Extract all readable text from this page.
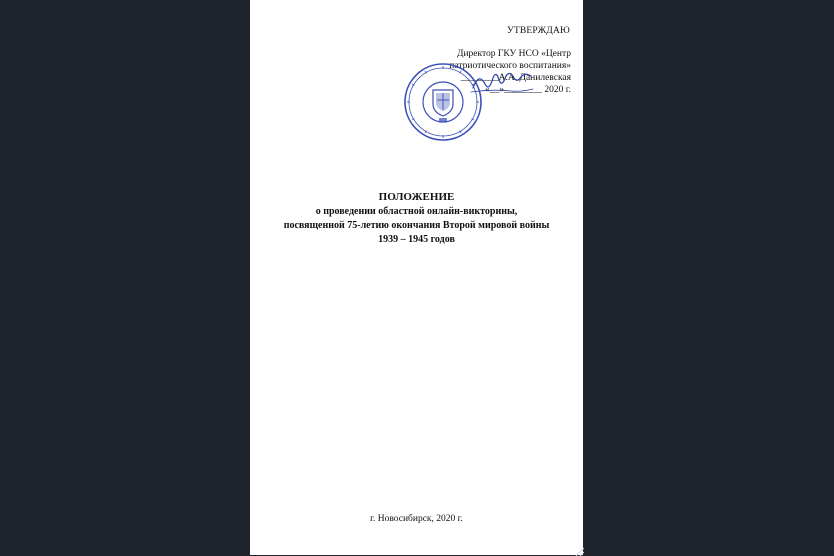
УТВЕРЖДАЮ
Директор ГКУ НСО «Центр
патриотического воспитания»
________А.А. Данилевская
«__»________ 2020 г.
ПОЛОЖЕНИЕ
о проведении областной онлайн-викторины,
посвященной 75-летию окончания Второй мировой войны
1939 – 1945 годов
г. Новосибирск, 2020 г.
